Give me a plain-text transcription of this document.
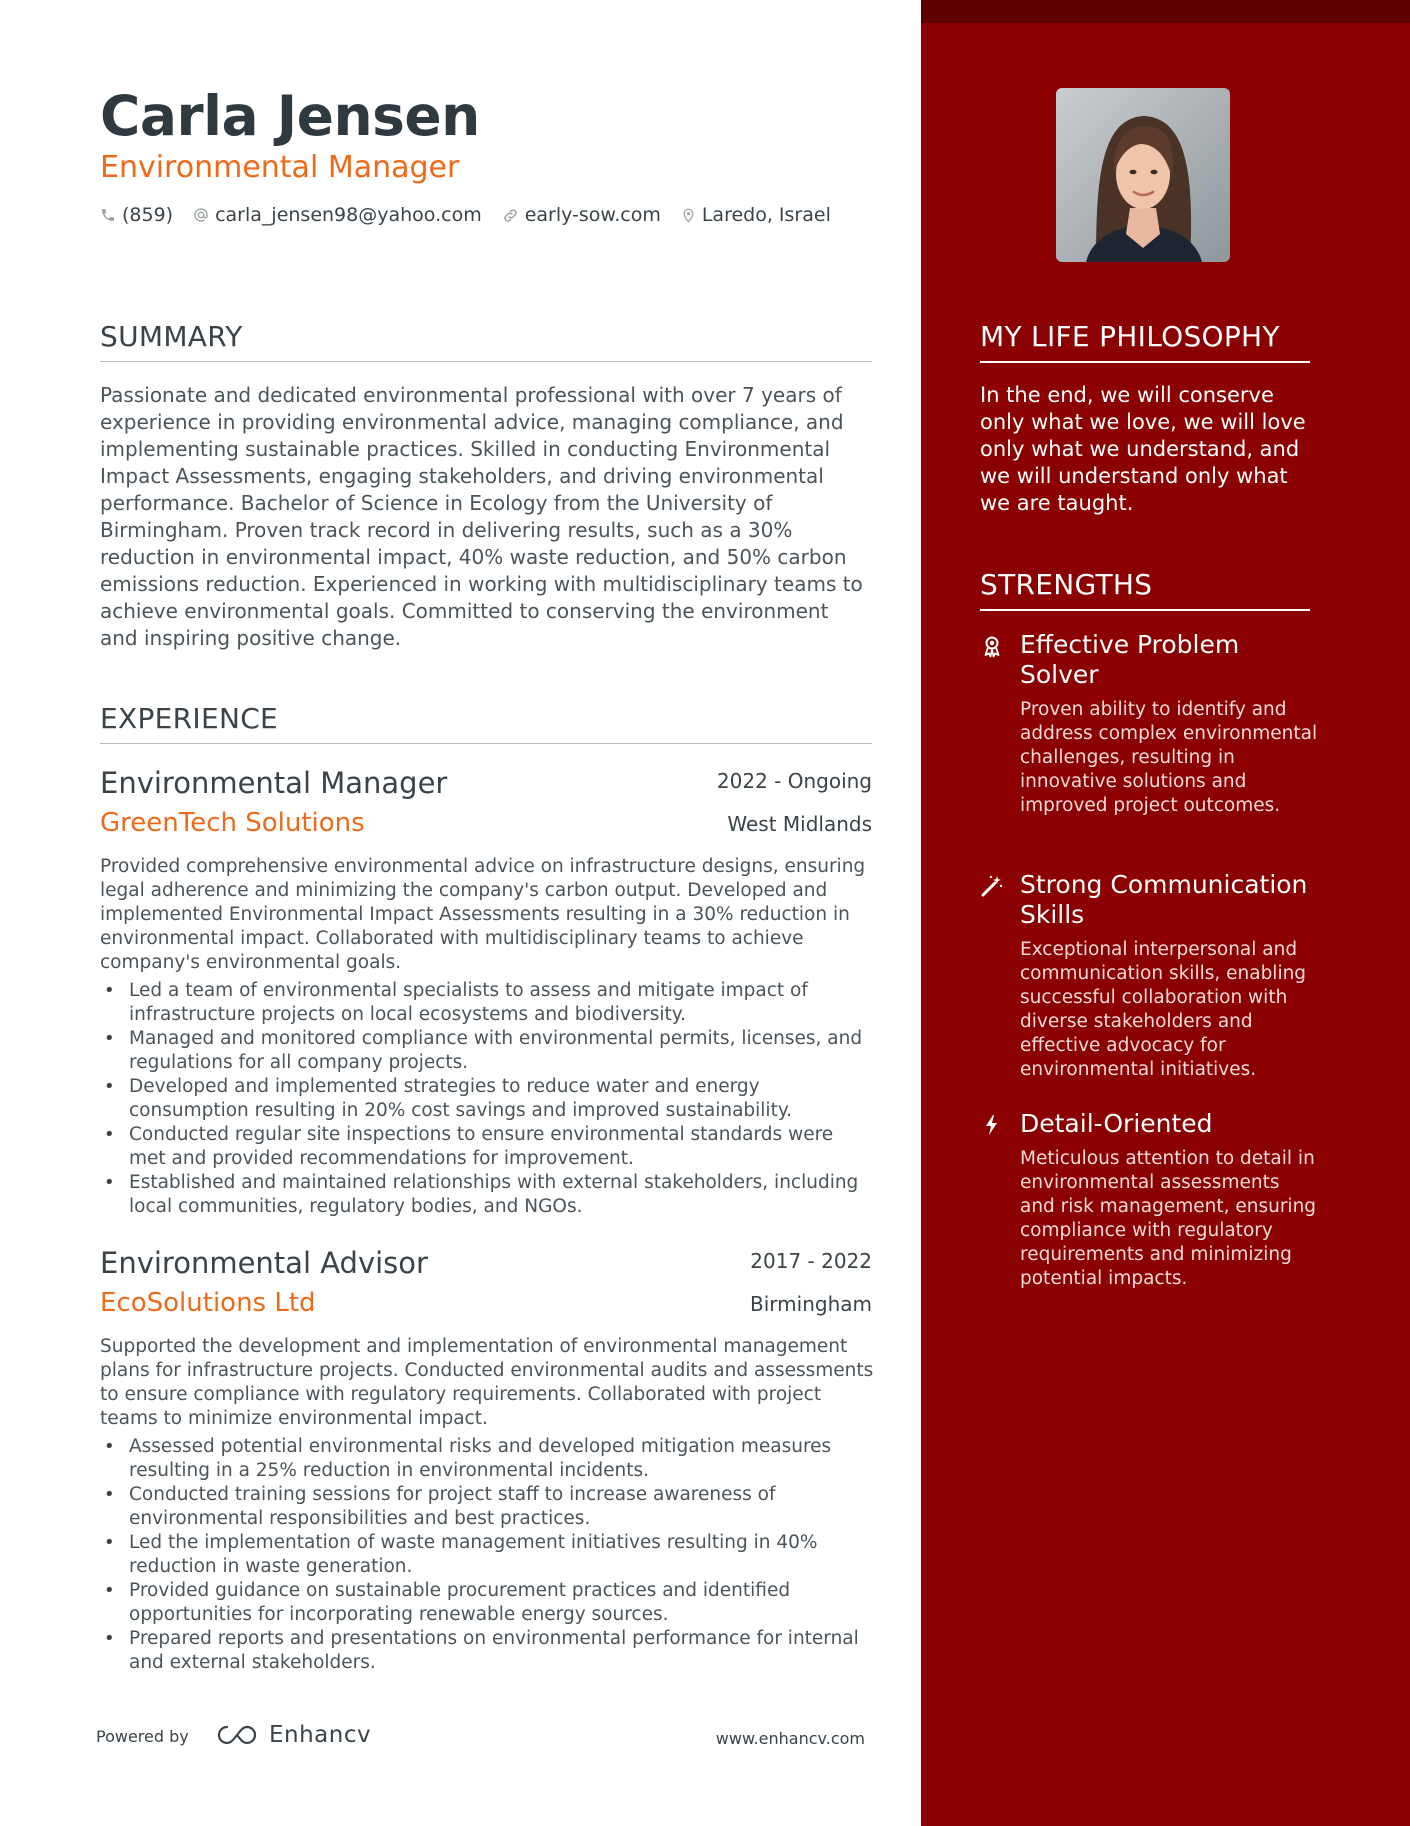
Carla Jensen
Environmental Manager
(859) carla_jensen98@yahoo.com early-sow.com Laredo, Israel
SUMMARY
Passionate and dedicated environmental professional with over 7 years of experience in providing environmental advice, managing compliance, and implementing sustainable practices. Skilled in conducting Environmental Impact Assessments, engaging stakeholders, and driving environmental performance. Bachelor of Science in Ecology from the University of Birmingham. Proven track record in delivering results, such as a 30% reduction in environmental impact, 40% waste reduction, and 50% carbon emissions reduction. Experienced in working with multidisciplinary teams to achieve environmental goals. Committed to conserving the environment and inspiring positive change.
EXPERIENCE
Environmental Manager	2022 - Ongoing
GreenTech Solutions	West Midlands
Provided comprehensive environmental advice on infrastructure designs, ensuring legal adherence and minimizing the company's carbon output. Developed and implemented Environmental Impact Assessments resulting in a 30% reduction in environmental impact. Collaborated with multidisciplinary teams to achieve company's environmental goals.
• Led a team of environmental specialists to assess and mitigate impact of infrastructure projects on local ecosystems and biodiversity.
• Managed and monitored compliance with environmental permits, licenses, and regulations for all company projects.
• Developed and implemented strategies to reduce water and energy consumption resulting in 20% cost savings and improved sustainability.
• Conducted regular site inspections to ensure environmental standards were met and provided recommendations for improvement.
• Established and maintained relationships with external stakeholders, including local communities, regulatory bodies, and NGOs.
Environmental Advisor	2017 - 2022
EcoSolutions Ltd	Birmingham
Supported the development and implementation of environmental management plans for infrastructure projects. Conducted environmental audits and assessments to ensure compliance with regulatory requirements. Collaborated with project teams to minimize environmental impact.
• Assessed potential environmental risks and developed mitigation measures resulting in a 25% reduction in environmental incidents.
• Conducted training sessions for project staff to increase awareness of environmental responsibilities and best practices.
• Led the implementation of waste management initiatives resulting in 40% reduction in waste generation.
• Provided guidance on sustainable procurement practices and identified opportunities for incorporating renewable energy sources.
• Prepared reports and presentations on environmental performance for internal and external stakeholders.
Powered by	Enhancv	www.enhancv.com
MY LIFE PHILOSOPHY
In the end, we will conserve only what we love, we will love only what we understand, and we will understand only what we are taught.
STRENGTHS
Effective Problem Solver
Proven ability to identify and address complex environmental challenges, resulting in innovative solutions and improved project outcomes.
Strong Communication Skills
Exceptional interpersonal and communication skills, enabling successful collaboration with diverse stakeholders and effective advocacy for environmental initiatives.
Detail-Oriented
Meticulous attention to detail in environmental assessments and risk management, ensuring compliance with regulatory requirements and minimizing potential impacts.
